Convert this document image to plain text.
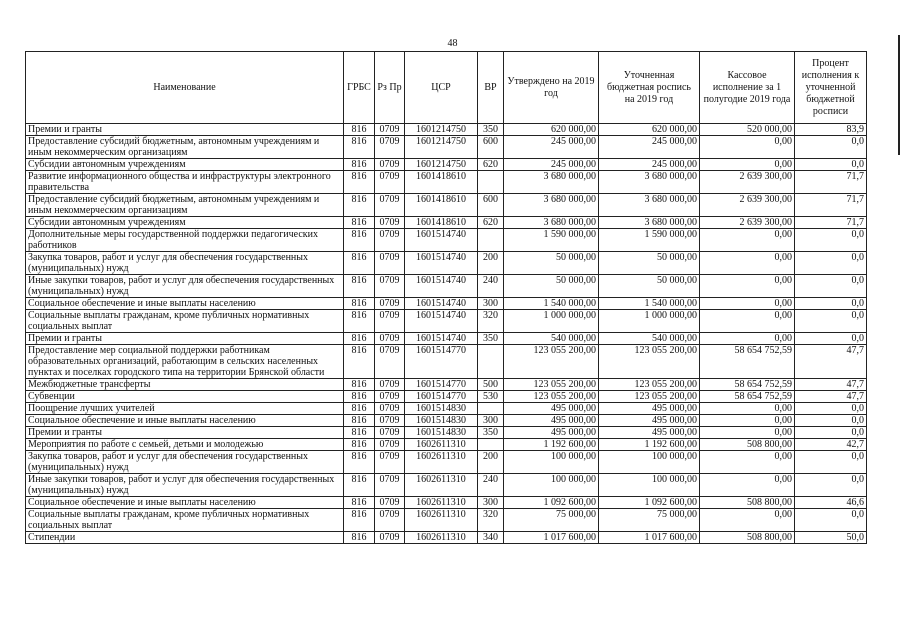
48
Наименование	ГРБС	Рз Пр	ЦСР	ВР	Утверждено на 2019 год	Уточненная бюджетная роспись на 2019 год	Кассовое исполнение за 1 полугодие 2019 года	Процент исполнения к уточненной бюджетной росписи
Премии и гранты	816	0709	1601214750	350	620 000,00	620 000,00	520 000,00	83,9
Предоставление субсидий бюджетным, автономным учреждениям и иным некоммерческим организациям	816	0709	1601214750	600	245 000,00	245 000,00	0,00	0,0
Субсидии автономным учреждениям	816	0709	1601214750	620	245 000,00	245 000,00	0,00	0,0
Развитие информационного общества и инфраструктуры электронного правительства	816	0709	1601418610		3 680 000,00	3 680 000,00	2 639 300,00	71,7
Предоставление субсидий бюджетным, автономным учреждениям и иным некоммерческим организациям	816	0709	1601418610	600	3 680 000,00	3 680 000,00	2 639 300,00	71,7
Субсидии автономным учреждениям	816	0709	1601418610	620	3 680 000,00	3 680 000,00	2 639 300,00	71,7
Дополнительные меры государственной поддержки педагогических работников	816	0709	1601514740		1 590 000,00	1 590 000,00	0,00	0,0
Закупка товаров, работ и услуг для обеспечения государственных (муниципальных) нужд	816	0709	1601514740	200	50 000,00	50 000,00	0,00	0,0
Иные закупки товаров, работ и услуг для обеспечения государственных (муниципальных) нужд	816	0709	1601514740	240	50 000,00	50 000,00	0,00	0,0
Социальное обеспечение и иные выплаты населению	816	0709	1601514740	300	1 540 000,00	1 540 000,00	0,00	0,0
Социальные выплаты гражданам, кроме публичных нормативных социальных выплат	816	0709	1601514740	320	1 000 000,00	1 000 000,00	0,00	0,0
Премии и гранты	816	0709	1601514740	350	540 000,00	540 000,00	0,00	0,0
Предоставление мер социальной поддержки работникам образовательных организаций, работающим в сельских населенных пунктах и поселках городского типа на территории Брянской области	816	0709	1601514770		123 055 200,00	123 055 200,00	58 654 752,59	47,7
Межбюджетные трансферты	816	0709	1601514770	500	123 055 200,00	123 055 200,00	58 654 752,59	47,7
Субвенции	816	0709	1601514770	530	123 055 200,00	123 055 200,00	58 654 752,59	47,7
Поощрение лучших учителей	816	0709	1601514830		495 000,00	495 000,00	0,00	0,0
Социальное обеспечение и иные выплаты населению	816	0709	1601514830	300	495 000,00	495 000,00	0,00	0,0
Премии и гранты	816	0709	1601514830	350	495 000,00	495 000,00	0,00	0,0
Мероприятия по работе с семьей, детьми и молодежью	816	0709	1602611310		1 192 600,00	1 192 600,00	508 800,00	42,7
Закупка товаров, работ и услуг для обеспечения государственных (муниципальных) нужд	816	0709	1602611310	200	100 000,00	100 000,00	0,00	0,0
Иные закупки товаров, работ и услуг для обеспечения государственных (муниципальных) нужд	816	0709	1602611310	240	100 000,00	100 000,00	0,00	0,0
Социальное обеспечение и иные выплаты населению	816	0709	1602611310	300	1 092 600,00	1 092 600,00	508 800,00	46,6
Социальные выплаты гражданам, кроме публичных нормативных социальных выплат	816	0709	1602611310	320	75 000,00	75 000,00	0,00	0,0
Стипендии	816	0709	1602611310	340	1 017 600,00	1 017 600,00	508 800,00	50,0
